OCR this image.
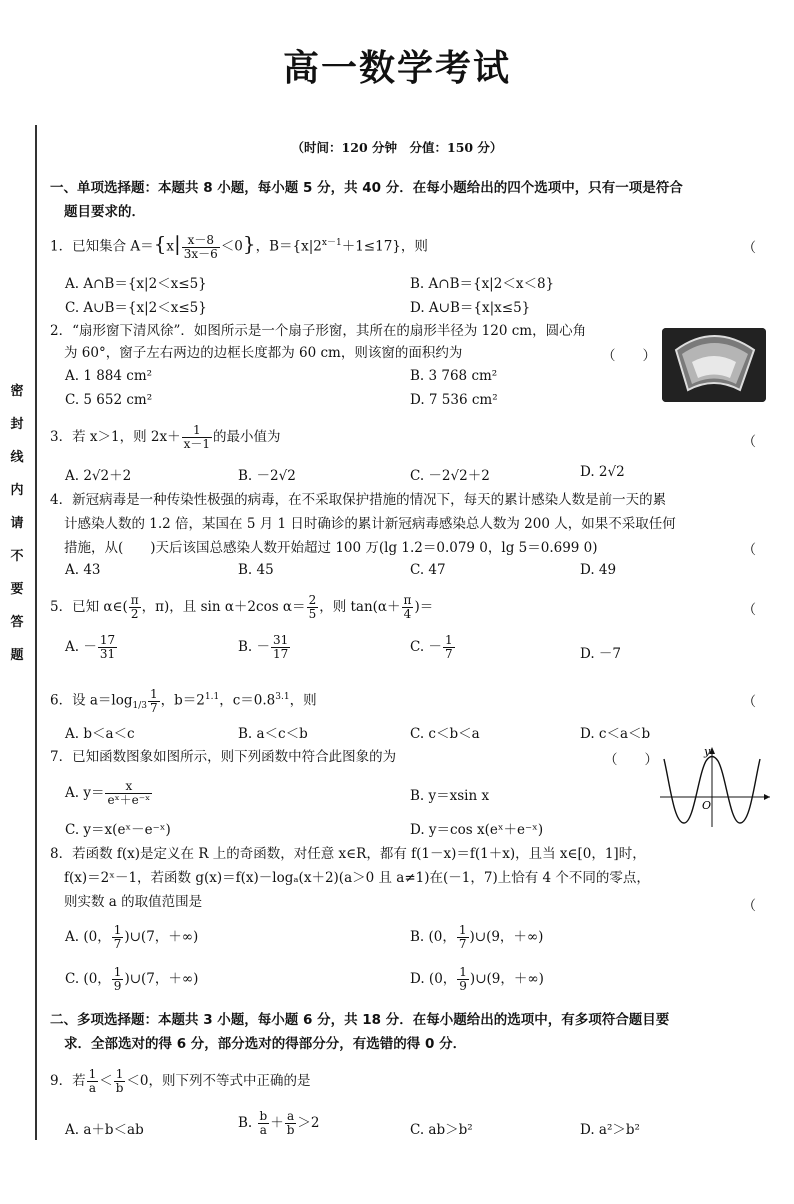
高一数学考试
密
封
线
内
请
不
要
答
题
（时间：120 分钟　分值：150 分）
一、单项选择题：本题共 8 小题，每小题 5 分，共 40 分．在每小题给出的四个选项中，只有一项是符合
题目要求的．
1．已知集合 $A=\{x| \frac{x-8}{3x-6} <0\}$，$B=\{x|2^{x-1}+1\le 17\}$，则	（
A. A∩B＝{x|2＜x≤5}	B. A∩B＝{x|2＜x＜8}
C. A∪B＝{x|2＜x≤5}	D. A∪B＝{x|x≤5}
2．“扇形窗下清风徐”．如图所示是一个扇子形窗，其所在的扇形半径为 120 cm，圆心角
为 60°，窗子左右两边的边框长度都为 60 cm，则该窗的面积约为	（　　）
A. 1 884 cm²	B. 3 768 cm²
C. 5 652 cm²	D. 7 536 cm²
3．若 x＞1，则 $2x+ \frac{1}{x-1}$ 的最小值为	（
A. 2√2＋2	B. －2√2	C. －2√2＋2	D. 2√2
4．新冠病毒是一种传染性极强的病毒，在不采取保护措施的情况下，每天的累计感染人数是前一天的累
计感染人数的 1.2 倍，某国在 5 月 1 日时确诊的累计新冠病毒感染总人数为 200 人，如果不采取任何
措施，从(　　)天后该国总感染人数开始超过 100 万(lg 1.2＝0.079 0，lg 5＝0.699 0)	（
A. 43	B. 45	C. 47	D. 49
5．已知 α∈( $\frac{\pi}{2}$ ，π)，且 sin α＋2cos $\alpha= \frac{2}{5}$ ，则 $\tan(\alpha+ \frac{\pi}{4}$ )＝	（
A. － $\frac{17}{31}$	B. － $\frac{31}{17}$	C. － $\frac{1}{7}$	D. －7
6．设 $a=\log_{1/3} \frac{1}{7}$ ，$b=2^{1.1}$，$c=0.8^{3.1}$，则	（
A. b＜a＜c	B. a＜c＜b	C. c＜b＜a	D. c＜a＜b
7．已知函数图象如图所示，则下列函数中符合此图象的为	（　　）
A. $y= \frac{x}{\text{eˣ＋e⁻ˣ}}$	B. y＝xsin x
C. y＝x(eˣ－e⁻ˣ)	D. y＝cos x(eˣ＋e⁻ˣ)
y
O
8．若函数 f(x)是定义在 R 上的奇函数，对任意 x∈R，都有 f(1－x)＝f(1＋x)，且当 x∈[0，1]时，
f(x)＝2ˣ－1，若函数 g(x)＝f(x)－logₐ(x＋2)(a＞0 且 a≠1)在(－1，7)上恰有 4 个不同的零点，
则实数 a 的取值范围是	（
A. (0， $\frac{1}{7}$ )∪(7，＋∞)	B. (0， $\frac{1}{7}$ )∪(9，＋∞)
C. (0， $\frac{1}{9}$ )∪(7，＋∞)	D. (0， $\frac{1}{9}$ )∪(9，＋∞)
二、多项选择题：本题共 3 小题，每小题 6 分，共 18 分．在每小题给出的选项中，有多项符合题目要
求．全部选对的得 6 分，部分选对的得部分分，有选错的得 0 分．
9．若 $\frac{1}{a} < \frac{1}{b} <0$，则下列不等式中正确的是
A. a＋b＜ab	B. $\frac{b}{a} + \frac{a}{b} >2$	C. ab＞b²	D. a²＞b²
